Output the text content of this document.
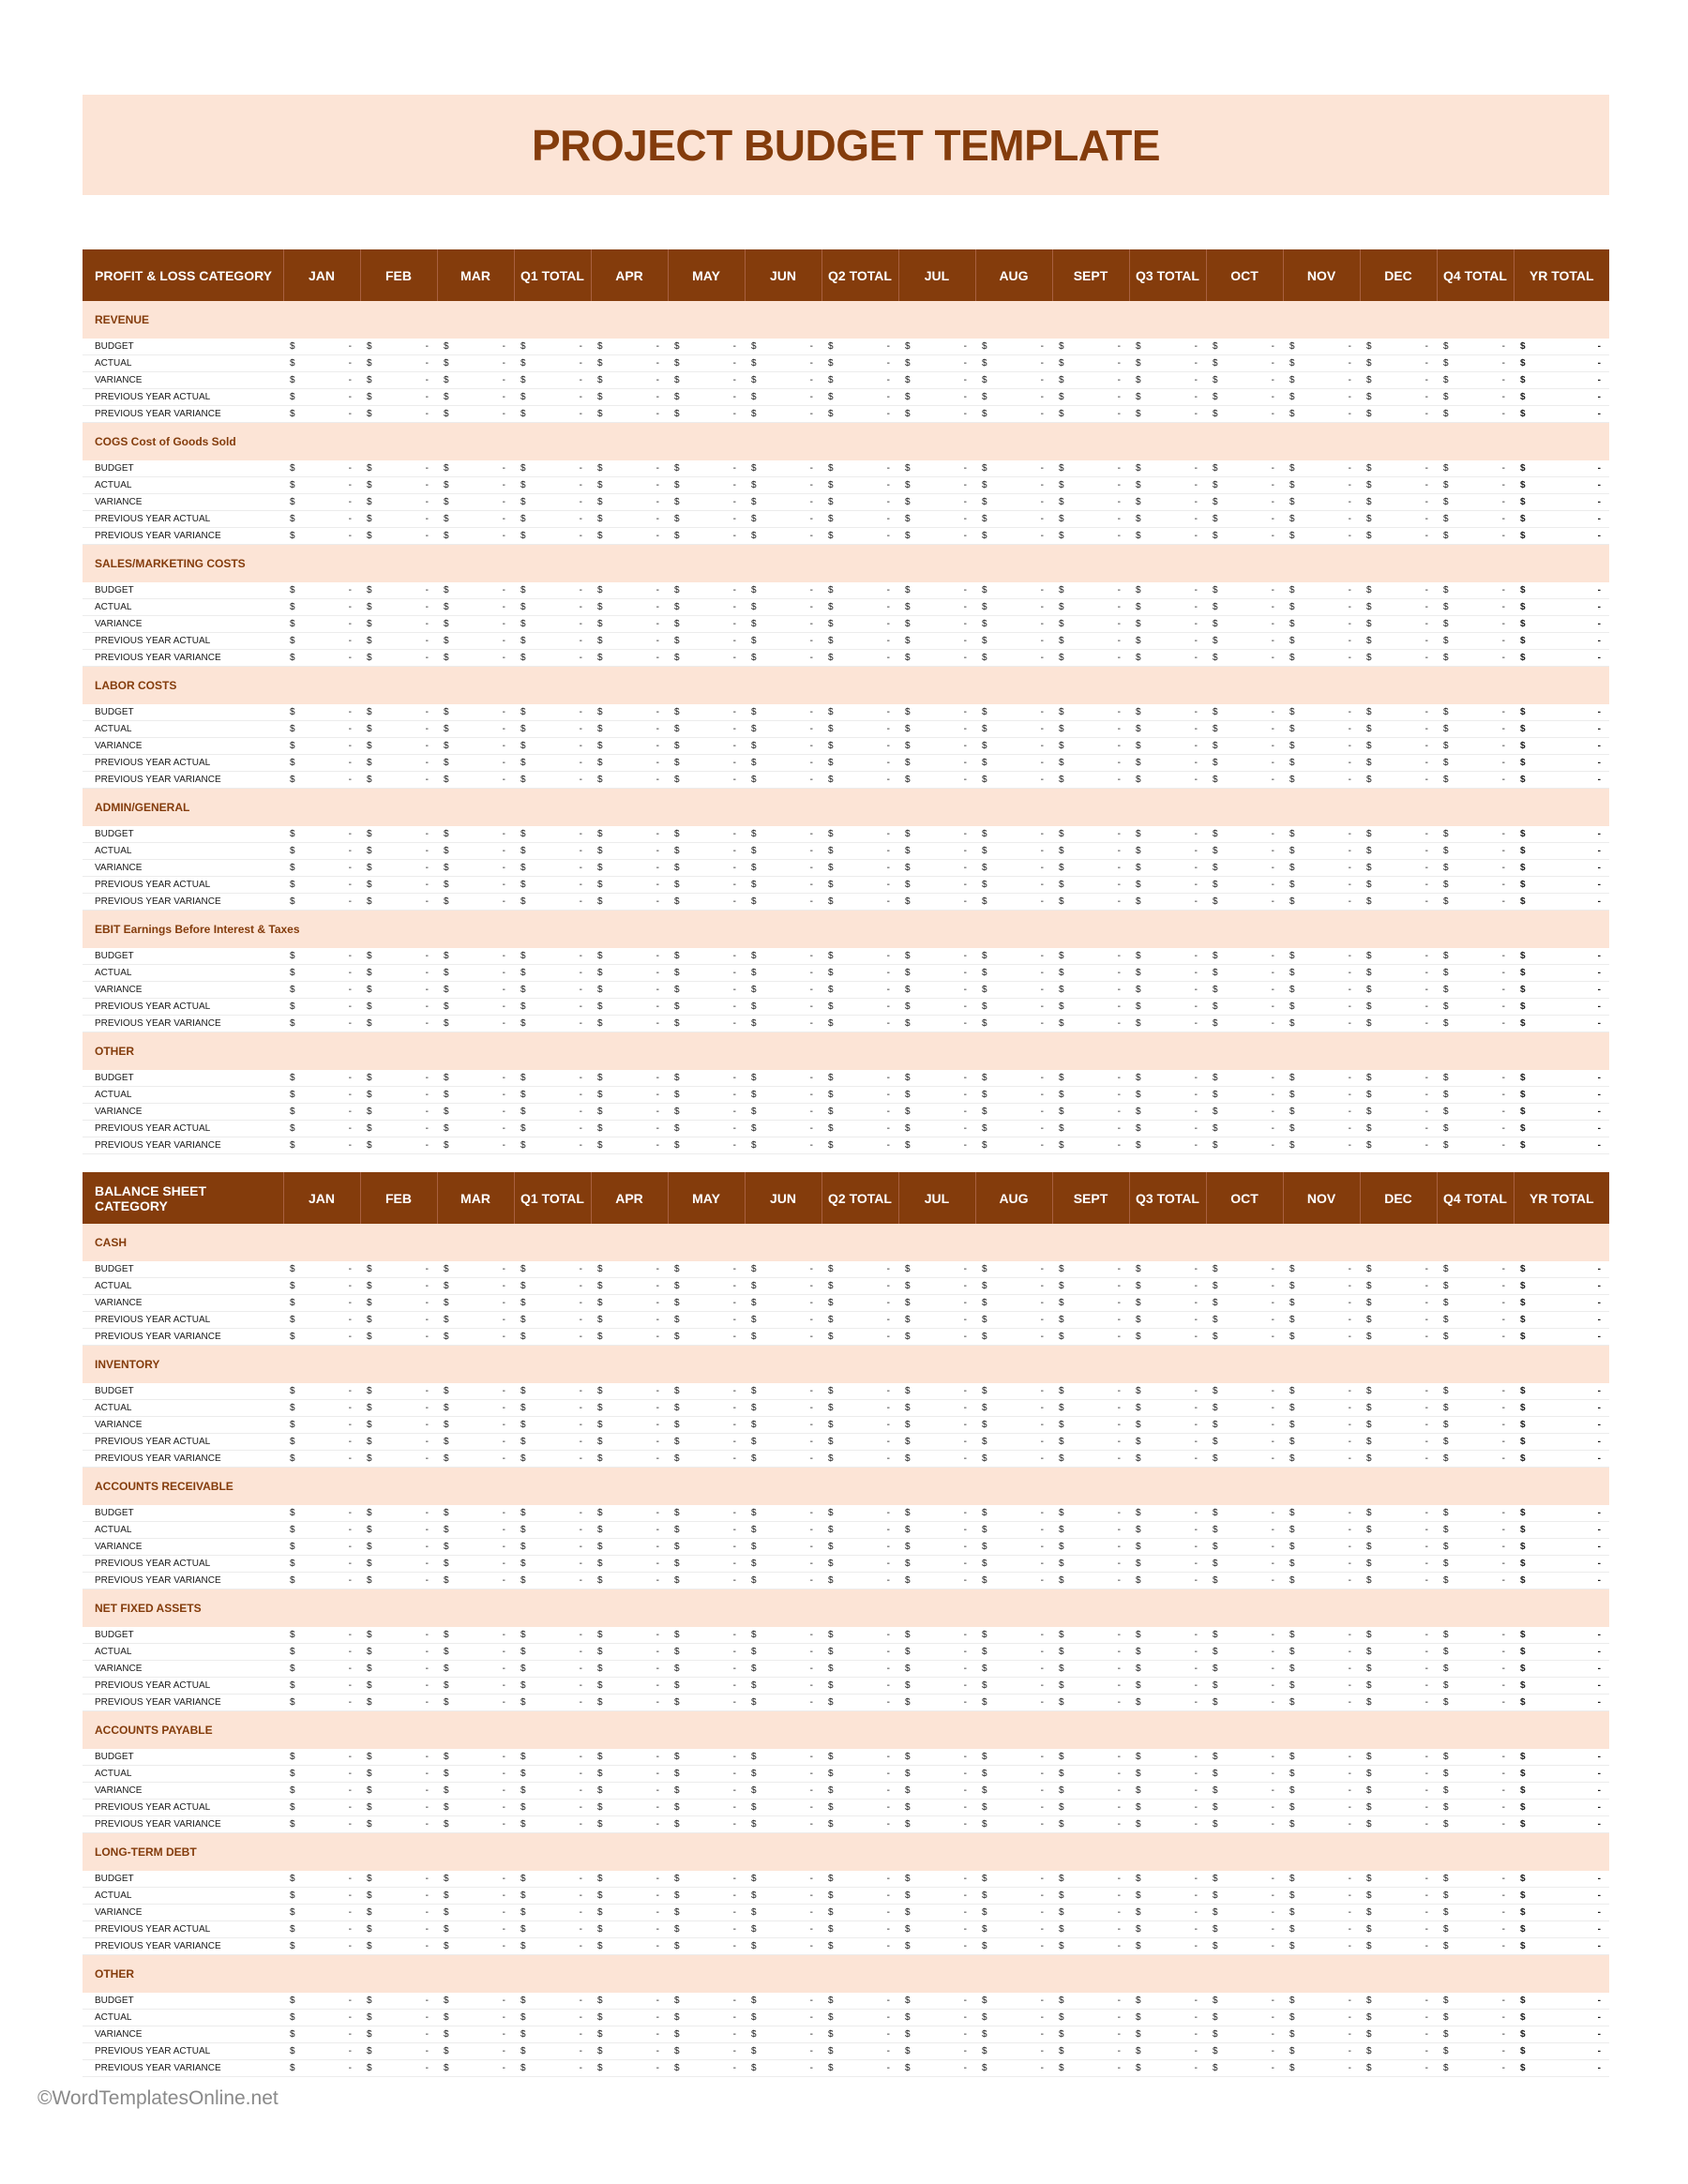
PROJECT BUDGET TEMPLATE
PROFIT & LOSS CATEGORY	JAN	FEB	MAR	Q1 TOTAL	APR	MAY	JUN	Q2 TOTAL	JUL	AUG	SEPT	Q3 TOTAL	OCT	NOV	DEC	Q4 TOTAL	YR TOTAL
REVENUE																	
BUDGET	$ -	$ -	$ -	$ -	$ -	$ -	$ -	$ -	$ -	$ -	$ -	$ -	$ -	$ -	$ -	$ -	$ -

ACTUAL	$ -	$ -	$ -	$ -	$ -	$ -	$ -	$ -	$ -	$ -	$ -	$ -	$ -	$ -	$ -	$ -	$ -

VARIANCE	$ -	$ -	$ -	$ -	$ -	$ -	$ -	$ -	$ -	$ -	$ -	$ -	$ -	$ -	$ -	$ -	$ -

PREVIOUS YEAR ACTUAL	$ -	$ -	$ -	$ -	$ -	$ -	$ -	$ -	$ -	$ -	$ -	$ -	$ -	$ -	$ -	$ -	$ -

PREVIOUS YEAR VARIANCE	$ -	$ -	$ -	$ -	$ -	$ -	$ -	$ -	$ -	$ -	$ -	$ -	$ -	$ -	$ -	$ -	$ -

COGS Cost of Goods Sold																	
BUDGET	$ -	$ -	$ -	$ -	$ -	$ -	$ -	$ -	$ -	$ -	$ -	$ -	$ -	$ -	$ -	$ -	$ -

ACTUAL	$ -	$ -	$ -	$ -	$ -	$ -	$ -	$ -	$ -	$ -	$ -	$ -	$ -	$ -	$ -	$ -	$ -

VARIANCE	$ -	$ -	$ -	$ -	$ -	$ -	$ -	$ -	$ -	$ -	$ -	$ -	$ -	$ -	$ -	$ -	$ -

PREVIOUS YEAR ACTUAL	$ -	$ -	$ -	$ -	$ -	$ -	$ -	$ -	$ -	$ -	$ -	$ -	$ -	$ -	$ -	$ -	$ -

PREVIOUS YEAR VARIANCE	$ -	$ -	$ -	$ -	$ -	$ -	$ -	$ -	$ -	$ -	$ -	$ -	$ -	$ -	$ -	$ -	$ -

SALES/MARKETING COSTS																	
BUDGET	$ -	$ -	$ -	$ -	$ -	$ -	$ -	$ -	$ -	$ -	$ -	$ -	$ -	$ -	$ -	$ -	$ -

ACTUAL	$ -	$ -	$ -	$ -	$ -	$ -	$ -	$ -	$ -	$ -	$ -	$ -	$ -	$ -	$ -	$ -	$ -

VARIANCE	$ -	$ -	$ -	$ -	$ -	$ -	$ -	$ -	$ -	$ -	$ -	$ -	$ -	$ -	$ -	$ -	$ -

PREVIOUS YEAR ACTUAL	$ -	$ -	$ -	$ -	$ -	$ -	$ -	$ -	$ -	$ -	$ -	$ -	$ -	$ -	$ -	$ -	$ -

PREVIOUS YEAR VARIANCE	$ -	$ -	$ -	$ -	$ -	$ -	$ -	$ -	$ -	$ -	$ -	$ -	$ -	$ -	$ -	$ -	$ -

LABOR COSTS																	
BUDGET	$ -	$ -	$ -	$ -	$ -	$ -	$ -	$ -	$ -	$ -	$ -	$ -	$ -	$ -	$ -	$ -	$ -

ACTUAL	$ -	$ -	$ -	$ -	$ -	$ -	$ -	$ -	$ -	$ -	$ -	$ -	$ -	$ -	$ -	$ -	$ -

VARIANCE	$ -	$ -	$ -	$ -	$ -	$ -	$ -	$ -	$ -	$ -	$ -	$ -	$ -	$ -	$ -	$ -	$ -

PREVIOUS YEAR ACTUAL	$ -	$ -	$ -	$ -	$ -	$ -	$ -	$ -	$ -	$ -	$ -	$ -	$ -	$ -	$ -	$ -	$ -

PREVIOUS YEAR VARIANCE	$ -	$ -	$ -	$ -	$ -	$ -	$ -	$ -	$ -	$ -	$ -	$ -	$ -	$ -	$ -	$ -	$ -

ADMIN/GENERAL																	
BUDGET	$ -	$ -	$ -	$ -	$ -	$ -	$ -	$ -	$ -	$ -	$ -	$ -	$ -	$ -	$ -	$ -	$ -

ACTUAL	$ -	$ -	$ -	$ -	$ -	$ -	$ -	$ -	$ -	$ -	$ -	$ -	$ -	$ -	$ -	$ -	$ -

VARIANCE	$ -	$ -	$ -	$ -	$ -	$ -	$ -	$ -	$ -	$ -	$ -	$ -	$ -	$ -	$ -	$ -	$ -

PREVIOUS YEAR ACTUAL	$ -	$ -	$ -	$ -	$ -	$ -	$ -	$ -	$ -	$ -	$ -	$ -	$ -	$ -	$ -	$ -	$ -

PREVIOUS YEAR VARIANCE	$ -	$ -	$ -	$ -	$ -	$ -	$ -	$ -	$ -	$ -	$ -	$ -	$ -	$ -	$ -	$ -	$ -

EBIT Earnings Before Interest & Taxes																	
BUDGET	$ -	$ -	$ -	$ -	$ -	$ -	$ -	$ -	$ -	$ -	$ -	$ -	$ -	$ -	$ -	$ -	$ -

ACTUAL	$ -	$ -	$ -	$ -	$ -	$ -	$ -	$ -	$ -	$ -	$ -	$ -	$ -	$ -	$ -	$ -	$ -

VARIANCE	$ -	$ -	$ -	$ -	$ -	$ -	$ -	$ -	$ -	$ -	$ -	$ -	$ -	$ -	$ -	$ -	$ -

PREVIOUS YEAR ACTUAL	$ -	$ -	$ -	$ -	$ -	$ -	$ -	$ -	$ -	$ -	$ -	$ -	$ -	$ -	$ -	$ -	$ -

PREVIOUS YEAR VARIANCE	$ -	$ -	$ -	$ -	$ -	$ -	$ -	$ -	$ -	$ -	$ -	$ -	$ -	$ -	$ -	$ -	$ -

OTHER																	
BUDGET	$ -	$ -	$ -	$ -	$ -	$ -	$ -	$ -	$ -	$ -	$ -	$ -	$ -	$ -	$ -	$ -	$ -

ACTUAL	$ -	$ -	$ -	$ -	$ -	$ -	$ -	$ -	$ -	$ -	$ -	$ -	$ -	$ -	$ -	$ -	$ -

VARIANCE	$ -	$ -	$ -	$ -	$ -	$ -	$ -	$ -	$ -	$ -	$ -	$ -	$ -	$ -	$ -	$ -	$ -

PREVIOUS YEAR ACTUAL	$ -	$ -	$ -	$ -	$ -	$ -	$ -	$ -	$ -	$ -	$ -	$ -	$ -	$ -	$ -	$ -	$ -

PREVIOUS YEAR VARIANCE	$ -	$ -	$ -	$ -	$ -	$ -	$ -	$ -	$ -	$ -	$ -	$ -	$ -	$ -	$ -	$ -	$ -
BALANCE SHEET CATEGORY	JAN	FEB	MAR	Q1 TOTAL	APR	MAY	JUN	Q2 TOTAL	JUL	AUG	SEPT	Q3 TOTAL	OCT	NOV	DEC	Q4 TOTAL	YR TOTAL
CASH																	
BUDGET	$ -	$ -	$ -	$ -	$ -	$ -	$ -	$ -	$ -	$ -	$ -	$ -	$ -	$ -	$ -	$ -	$ -

ACTUAL	$ -	$ -	$ -	$ -	$ -	$ -	$ -	$ -	$ -	$ -	$ -	$ -	$ -	$ -	$ -	$ -	$ -

VARIANCE	$ -	$ -	$ -	$ -	$ -	$ -	$ -	$ -	$ -	$ -	$ -	$ -	$ -	$ -	$ -	$ -	$ -

PREVIOUS YEAR ACTUAL	$ -	$ -	$ -	$ -	$ -	$ -	$ -	$ -	$ -	$ -	$ -	$ -	$ -	$ -	$ -	$ -	$ -

PREVIOUS YEAR VARIANCE	$ -	$ -	$ -	$ -	$ -	$ -	$ -	$ -	$ -	$ -	$ -	$ -	$ -	$ -	$ -	$ -	$ -

INVENTORY																	
BUDGET	$ -	$ -	$ -	$ -	$ -	$ -	$ -	$ -	$ -	$ -	$ -	$ -	$ -	$ -	$ -	$ -	$ -

ACTUAL	$ -	$ -	$ -	$ -	$ -	$ -	$ -	$ -	$ -	$ -	$ -	$ -	$ -	$ -	$ -	$ -	$ -

VARIANCE	$ -	$ -	$ -	$ -	$ -	$ -	$ -	$ -	$ -	$ -	$ -	$ -	$ -	$ -	$ -	$ -	$ -

PREVIOUS YEAR ACTUAL	$ -	$ -	$ -	$ -	$ -	$ -	$ -	$ -	$ -	$ -	$ -	$ -	$ -	$ -	$ -	$ -	$ -

PREVIOUS YEAR VARIANCE	$ -	$ -	$ -	$ -	$ -	$ -	$ -	$ -	$ -	$ -	$ -	$ -	$ -	$ -	$ -	$ -	$ -

ACCOUNTS RECEIVABLE																	
BUDGET	$ -	$ -	$ -	$ -	$ -	$ -	$ -	$ -	$ -	$ -	$ -	$ -	$ -	$ -	$ -	$ -	$ -

ACTUAL	$ -	$ -	$ -	$ -	$ -	$ -	$ -	$ -	$ -	$ -	$ -	$ -	$ -	$ -	$ -	$ -	$ -

VARIANCE	$ -	$ -	$ -	$ -	$ -	$ -	$ -	$ -	$ -	$ -	$ -	$ -	$ -	$ -	$ -	$ -	$ -

PREVIOUS YEAR ACTUAL	$ -	$ -	$ -	$ -	$ -	$ -	$ -	$ -	$ -	$ -	$ -	$ -	$ -	$ -	$ -	$ -	$ -

PREVIOUS YEAR VARIANCE	$ -	$ -	$ -	$ -	$ -	$ -	$ -	$ -	$ -	$ -	$ -	$ -	$ -	$ -	$ -	$ -	$ -

NET FIXED ASSETS																	
BUDGET	$ -	$ -	$ -	$ -	$ -	$ -	$ -	$ -	$ -	$ -	$ -	$ -	$ -	$ -	$ -	$ -	$ -

ACTUAL	$ -	$ -	$ -	$ -	$ -	$ -	$ -	$ -	$ -	$ -	$ -	$ -	$ -	$ -	$ -	$ -	$ -

VARIANCE	$ -	$ -	$ -	$ -	$ -	$ -	$ -	$ -	$ -	$ -	$ -	$ -	$ -	$ -	$ -	$ -	$ -

PREVIOUS YEAR ACTUAL	$ -	$ -	$ -	$ -	$ -	$ -	$ -	$ -	$ -	$ -	$ -	$ -	$ -	$ -	$ -	$ -	$ -

PREVIOUS YEAR VARIANCE	$ -	$ -	$ -	$ -	$ -	$ -	$ -	$ -	$ -	$ -	$ -	$ -	$ -	$ -	$ -	$ -	$ -

ACCOUNTS PAYABLE																	
BUDGET	$ -	$ -	$ -	$ -	$ -	$ -	$ -	$ -	$ -	$ -	$ -	$ -	$ -	$ -	$ -	$ -	$ -

ACTUAL	$ -	$ -	$ -	$ -	$ -	$ -	$ -	$ -	$ -	$ -	$ -	$ -	$ -	$ -	$ -	$ -	$ -

VARIANCE	$ -	$ -	$ -	$ -	$ -	$ -	$ -	$ -	$ -	$ -	$ -	$ -	$ -	$ -	$ -	$ -	$ -

PREVIOUS YEAR ACTUAL	$ -	$ -	$ -	$ -	$ -	$ -	$ -	$ -	$ -	$ -	$ -	$ -	$ -	$ -	$ -	$ -	$ -

PREVIOUS YEAR VARIANCE	$ -	$ -	$ -	$ -	$ -	$ -	$ -	$ -	$ -	$ -	$ -	$ -	$ -	$ -	$ -	$ -	$ -

LONG-TERM DEBT																	
BUDGET	$ -	$ -	$ -	$ -	$ -	$ -	$ -	$ -	$ -	$ -	$ -	$ -	$ -	$ -	$ -	$ -	$ -

ACTUAL	$ -	$ -	$ -	$ -	$ -	$ -	$ -	$ -	$ -	$ -	$ -	$ -	$ -	$ -	$ -	$ -	$ -

VARIANCE	$ -	$ -	$ -	$ -	$ -	$ -	$ -	$ -	$ -	$ -	$ -	$ -	$ -	$ -	$ -	$ -	$ -

PREVIOUS YEAR ACTUAL	$ -	$ -	$ -	$ -	$ -	$ -	$ -	$ -	$ -	$ -	$ -	$ -	$ -	$ -	$ -	$ -	$ -

PREVIOUS YEAR VARIANCE	$ -	$ -	$ -	$ -	$ -	$ -	$ -	$ -	$ -	$ -	$ -	$ -	$ -	$ -	$ -	$ -	$ -

OTHER																	
BUDGET	$ -	$ -	$ -	$ -	$ -	$ -	$ -	$ -	$ -	$ -	$ -	$ -	$ -	$ -	$ -	$ -	$ -

ACTUAL	$ -	$ -	$ -	$ -	$ -	$ -	$ -	$ -	$ -	$ -	$ -	$ -	$ -	$ -	$ -	$ -	$ -

VARIANCE	$ -	$ -	$ -	$ -	$ -	$ -	$ -	$ -	$ -	$ -	$ -	$ -	$ -	$ -	$ -	$ -	$ -

PREVIOUS YEAR ACTUAL	$ -	$ -	$ -	$ -	$ -	$ -	$ -	$ -	$ -	$ -	$ -	$ -	$ -	$ -	$ -	$ -	$ -

PREVIOUS YEAR VARIANCE	$ -	$ -	$ -	$ -	$ -	$ -	$ -	$ -	$ -	$ -	$ -	$ -	$ -	$ -	$ -	$ -	$ -
©WordTemplatesOnline.net
